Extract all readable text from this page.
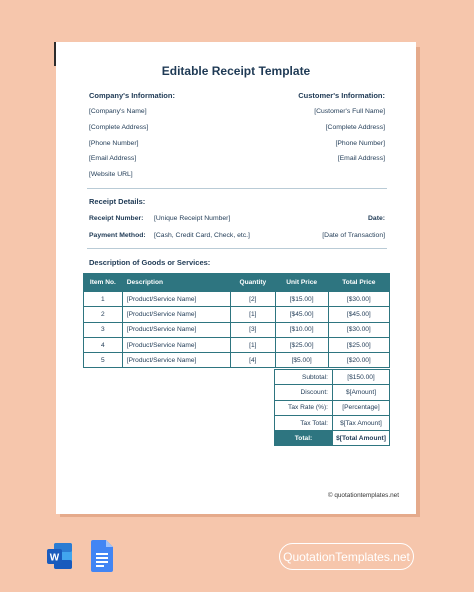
Editable Receipt Template
Company's Information:
[Company's Name]
[Complete Address]
[Phone Number]
[Email Address]
[Website URL]
Customer's Information:
[Customer's Full Name]
[Complete Address]
[Phone Number]
[Email Address]
Receipt Details:
Receipt Number: [Unique Receipt Number]	Date:
Payment Method: [Cash, Credit Card, Check, etc.]	[Date of Transaction]
Description of Goods or Services:
Item No.	Description	Quantity	Unit Price	Total Price
1	[Product/Service Name]	[2]	[$15.00]	[$30.00]
2	[Product/Service Name]	[1]	[$45.00]	[$45.00]
3	[Product/Service Name]	[3]	[$10.00]	[$30.00]
4	[Product/Service Name]	[1]	[$25.00]	[$25.00]
5	[Product/Service Name]	[4]	[$5.00]	[$20.00]
Subtotal:	[$150.00]
Discount:	$[Amount]
Tax Rate (%):	[Percentage]
Tax Total:	$[Tax Amount]
Total:	$[Total Amount]
© quotationtemplates.net
W	QuotationTemplates.net
